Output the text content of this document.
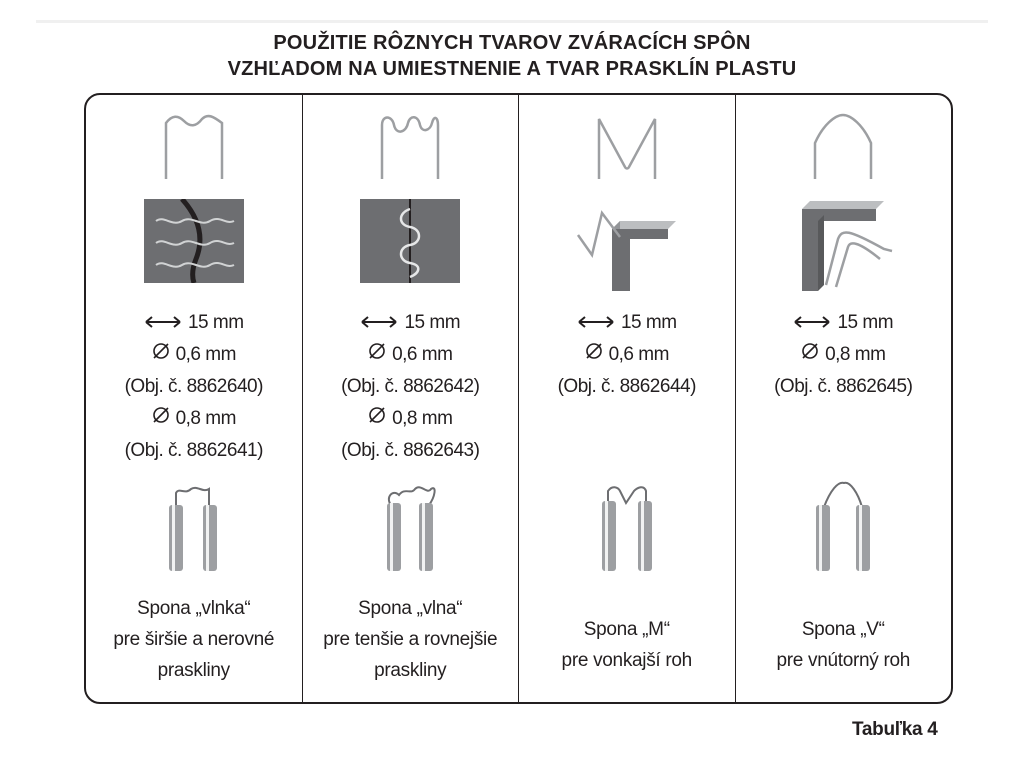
POUŽITIE RÔZNYCH TVAROV ZVÁRACÍCH SPÔN
VZHĽADOM NA UMIESTNENIE A TVAR PRASKLÍN PLASTU
15 mm
0,6 mm
(Obj. č. 8862640)
0,8 mm
(Obj. č. 8862641)
Spona „vlnka“
pre širšie a nerovné
praskliny
15 mm
0,6 mm
(Obj. č. 8862642)
0,8 mm
(Obj. č. 8862643)
Spona „vlna“
pre tenšie a rovnejšie
praskliny
15 mm
0,6 mm
(Obj. č. 8862644)
Spona „M“
pre vonkajší roh
15 mm
0,8 mm
(Obj. č. 8862645)
Spona „V“
pre vnútorný roh
Tabuľka 4
